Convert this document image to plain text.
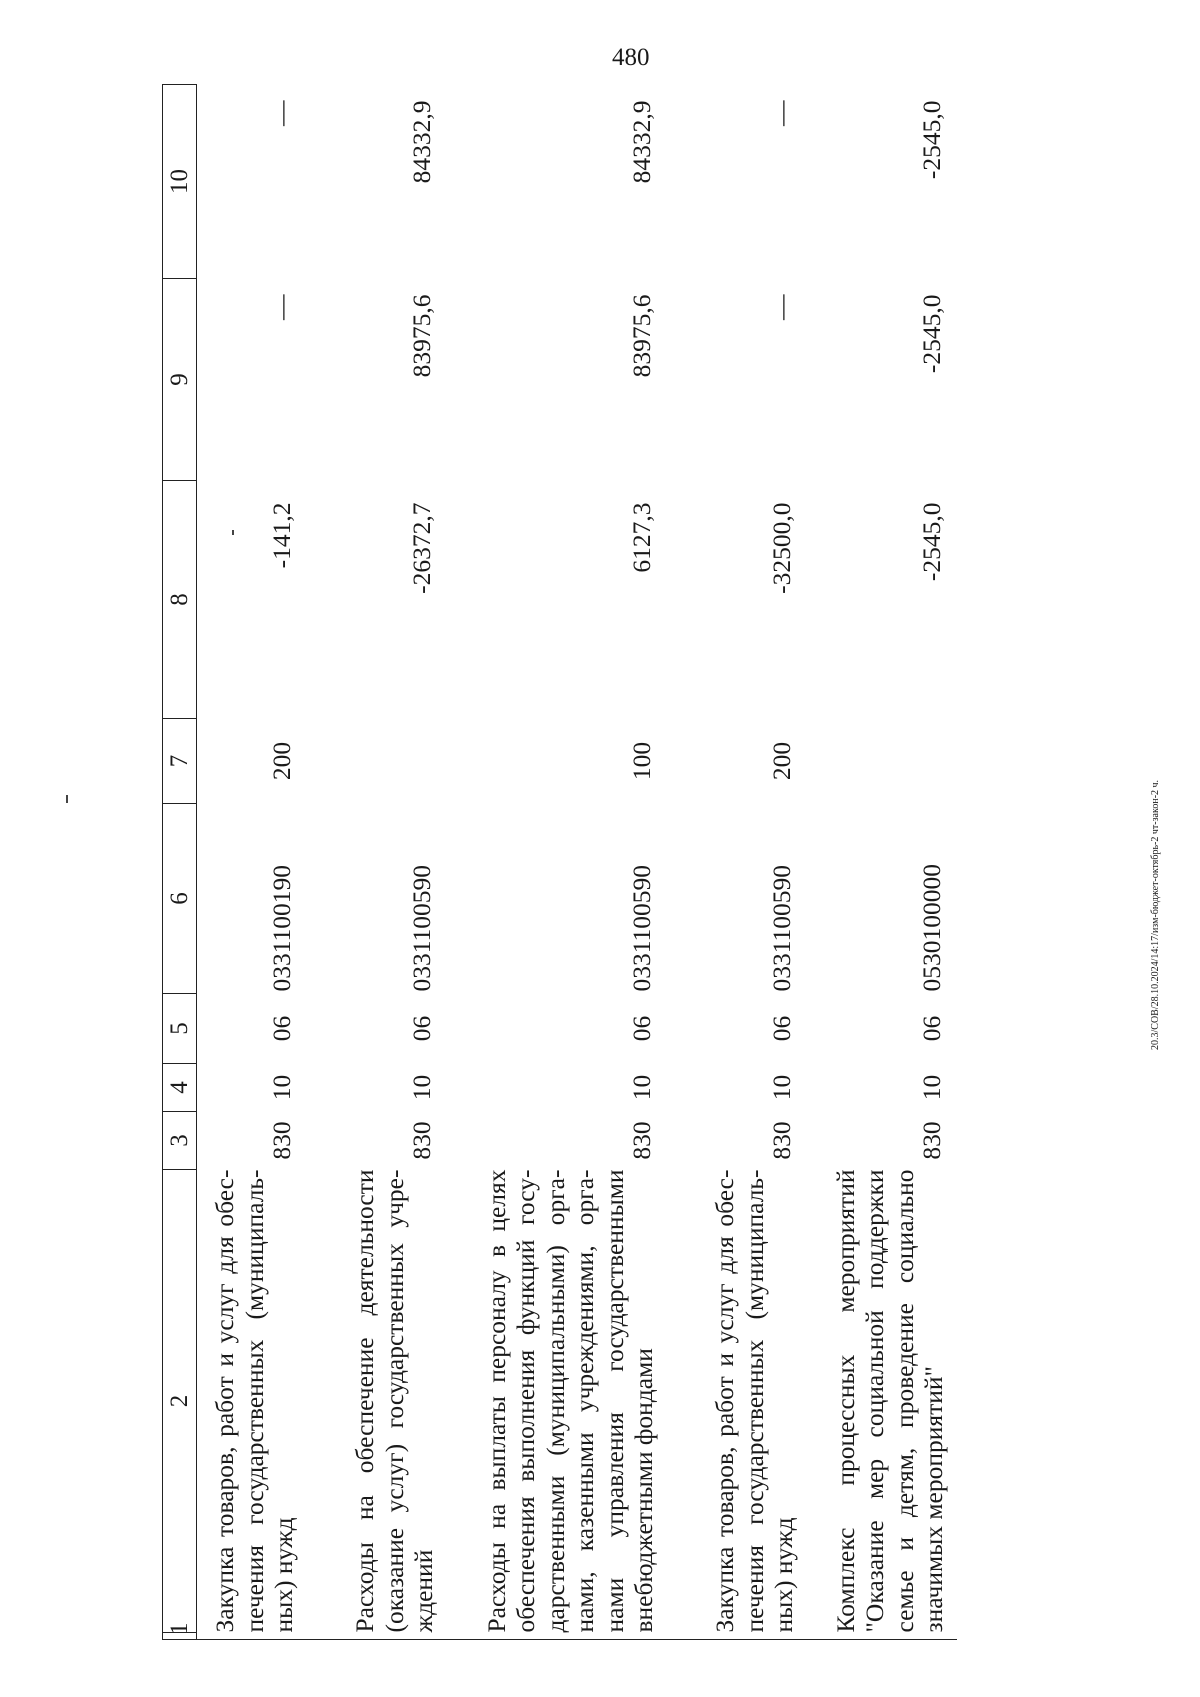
480
20.3/СОВ/28.10.2024/14:17/изм-бюджет-октябрь-2 чт-закон-2 ч.
1	2	3	4	5	6	7	8	9	10
	Закупка товаров, работ и услуг для обес-печения государственных (муниципаль-ных) нужд	830	10	06	0331100190	200	-141,2	—	—
	Расходы на обеспечение деятельности (оказание услуг) государственных учре-ждений	830	10	06	0331100590		-26372,7	83975,6	84332,9
	Расходы на выплаты персоналу в целях обеспечения выполнения функций госу-дарственными (муниципальными) орга-нами, казенными учреждениями, орга-нами управления государственными внебюджетными фондами	830	10	06	0331100590	100	6127,3	83975,6	84332,9
	Закупка товаров, работ и услуг для обес-печения государственных (муниципаль-ных) нужд	830	10	06	0331100590	200	-32500,0	—	—
	Комплекс процессных мероприятий "Оказание мер социальной поддержки семье и детям, проведение социально значимых мероприятий"	830	10	06	0530100000		-2545,0	-2545,0	-2545,0
